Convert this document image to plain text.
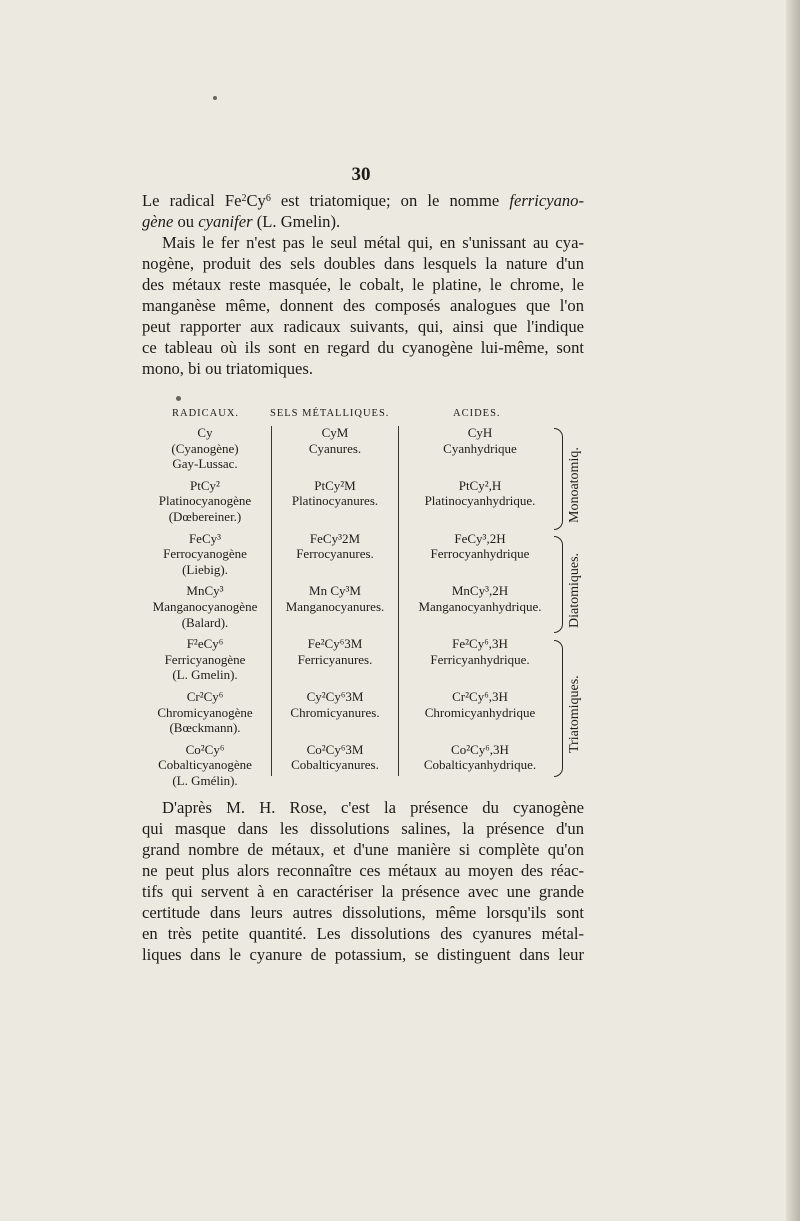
30
Le radical Fe$^2$Cy$^6$ est triatomique; on le nomme ferricyano-
gène ou cyanifer (L. Gmelin).
Mais le fer n'est pas le seul métal qui, en s'unissant au cya-
nogène, produit des sels doubles dans lesquels la nature d'un
des métaux reste masquée, le cobalt, le platine, le chrome, le
manganèse même, donnent des composés analogues que l'on
peut rapporter aux radicaux suivants, qui, ainsi que l'indique
ce tableau où ils sont en regard du cyanogène lui-même, sont
mono, bi ou triatomiques.
RADICAUX.	SELS MÉTALLIQUES.	ACIDES.
Cy
(Cyanogène)
Gay-Lussac.
PtCy²
Platinocyanogène
(Dœbereiner.)
FeCy³
Ferrocyanogène
(Liebig).
MnCy³
Manganocyanogène
(Balard).
F²eCy⁶
Ferricyanogène
(L. Gmelin).
Cr²Cy⁶
Chromicyanogène
(Bœckmann).
Co²Cy⁶
Cobalticyanogène
(L. Gmélin).
CyM
Cyanures.
PtCy²M
Platinocyanures.
FeCy³2M
Ferrocyanures.
Mn Cy³M
Manganocyanures.
Fe²Cy⁶3M
Ferricyanures.
Cy²Cy⁶3M
Chromicyanures.
Co²Cy⁶3M
Cobalticyanures.
CyH
Cyanhydrique
PtCy²,H
Platinocyanhydrique.
FeCy³,2H
Ferrocyanhydrique
MnCy³,2H
Manganocyanhydrique.
Fe²Cy⁶,3H
Ferricyanhydrique.
Cr²Cy⁶,3H
Chromicyanhydrique
Co²Cy⁶,3H
Cobalticyanhydrique.
Monoatomiq.
Diatomiques.
Triatomiques.
D'après M. H. Rose, c'est la présence du cyanogène
qui masque dans les dissolutions salines, la présence d'un
grand nombre de métaux, et d'une manière si complète qu'on
ne peut plus alors reconnaître ces métaux au moyen des réac-
tifs qui servent à en caractériser la présence avec une grande
certitude dans leurs autres dissolutions, même lorsqu'ils sont
en très petite quantité. Les dissolutions des cyanures métal-
liques dans le cyanure de potassium, se distinguent dans leur
